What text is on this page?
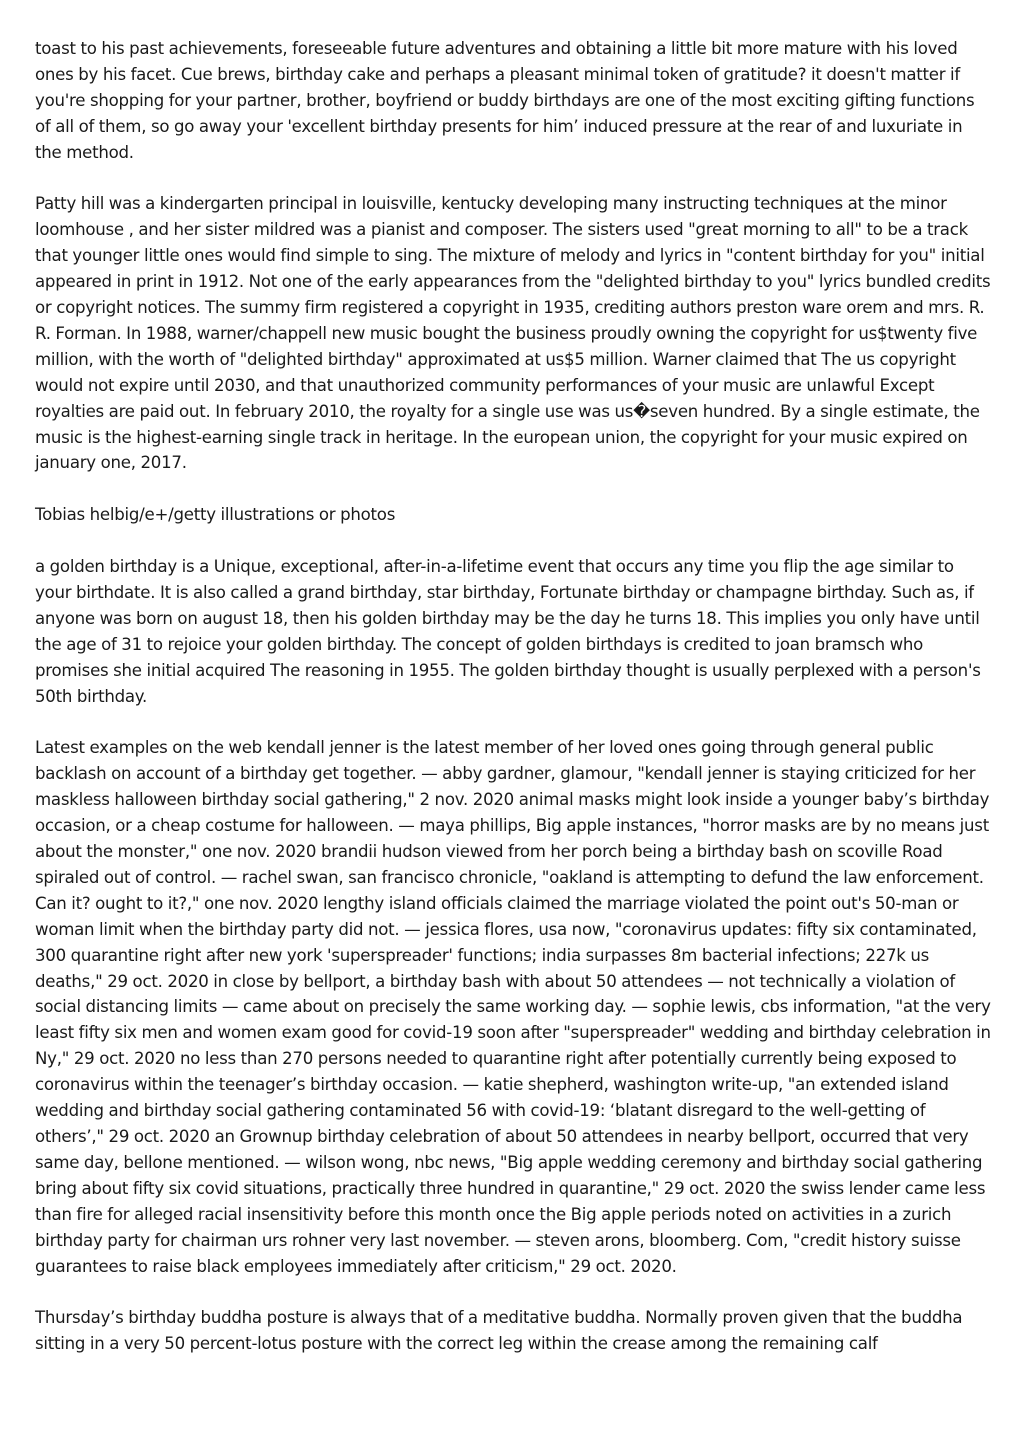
toast to his past achievements, foreseeable future adventures and obtaining a little bit more mature with his loved ones by his facet. Cue brews, birthday cake and perhaps a pleasant minimal token of gratitude? it doesn't matter if you're shopping for your partner, brother, boyfriend or buddy birthdays are one of the most exciting gifting functions of all of them, so go away your 'excellent birthday presents for him’ induced pressure at the rear of and luxuriate in the method.

Patty hill was a kindergarten principal in louisville, kentucky developing many instructing techniques at the minor loomhouse , and her sister mildred was a pianist and composer. The sisters used "great morning to all" to be a track that younger little ones would find simple to sing. The mixture of melody and lyrics in "content birthday for you" initial appeared in print in 1912. Not one of the early appearances from the "delighted birthday to you" lyrics bundled credits or copyright notices. The summy firm registered a copyright in 1935, crediting authors preston ware orem and mrs. R. R. Forman. In 1988, warner/chappell new music bought the business proudly owning the copyright for us$twenty five million, with the worth of "delighted birthday" approximated at us$5 million. Warner claimed that The us copyright would not expire until 2030, and that unauthorized community performances of your music are unlawful Except royalties are paid out. In february 2010, the royalty for a single use was us�seven hundred. By a single estimate, the music is the highest-earning single track in heritage. In the european union, the copyright for your music expired on january one, 2017.

Tobias helbig/e+/getty illustrations or photos

a golden birthday is a Unique, exceptional, after-in-a-lifetime event that occurs any time you flip the age similar to your birthdate. It is also called a grand birthday, star birthday, Fortunate birthday or champagne birthday. Such as, if anyone was born on august 18, then his golden birthday may be the day he turns 18. This implies you only have until the age of 31 to rejoice your golden birthday. The concept of golden birthdays is credited to joan bramsch who promises she initial acquired The reasoning in 1955. The golden birthday thought is usually perplexed with a person's 50th birthday.

Latest examples on the web kendall jenner is the latest member of her loved ones going through general public backlash on account of a birthday get together. — abby gardner, glamour, "kendall jenner is staying criticized for her maskless halloween birthday social gathering," 2 nov. 2020 animal masks might look inside a younger baby’s birthday occasion, or a cheap costume for halloween. — maya phillips, Big apple instances, "horror masks are by no means just about the monster," one nov. 2020 brandii hudson viewed from her porch being a birthday bash on scoville Road spiraled out of control. — rachel swan, san francisco chronicle, "oakland is attempting to defund the law enforcement. Can it? ought to it?," one nov. 2020 lengthy island officials claimed the marriage violated the point out's 50-man or woman limit when the birthday party did not. — jessica flores, usa now, "coronavirus updates: fifty six contaminated, 300 quarantine right after new york 'superspreader' functions; india surpasses 8m bacterial infections; 227k us deaths," 29 oct. 2020 in close by bellport, a birthday bash with about 50 attendees — not technically a violation of social distancing limits — came about on precisely the same working day. — sophie lewis, cbs information, "at the very least fifty six men and women exam good for covid-19 soon after "superspreader" wedding and birthday celebration in Ny," 29 oct. 2020 no less than 270 persons needed to quarantine right after potentially currently being exposed to coronavirus within the teenager’s birthday occasion. — katie shepherd, washington write-up, "an extended island wedding and birthday social gathering contaminated 56 with covid-19: ‘blatant disregard to the well-getting of others’," 29 oct. 2020 an Grownup birthday celebration of about 50 attendees in nearby bellport, occurred that very same day, bellone mentioned. — wilson wong, nbc news, "Big apple wedding ceremony and birthday social gathering bring about fifty six covid situations, practically three hundred in quarantine," 29 oct. 2020 the swiss lender came less than fire for alleged racial insensitivity before this month once the Big apple periods noted on activities in a zurich birthday party for chairman urs rohner very last november. — steven arons, bloomberg. Com, "credit history suisse guarantees to raise black employees immediately after criticism," 29 oct. 2020.

Thursday’s birthday buddha posture is always that of a meditative buddha. Normally proven given that the buddha sitting in a very 50 percent-lotus posture with the correct leg within the crease among the remaining calf
